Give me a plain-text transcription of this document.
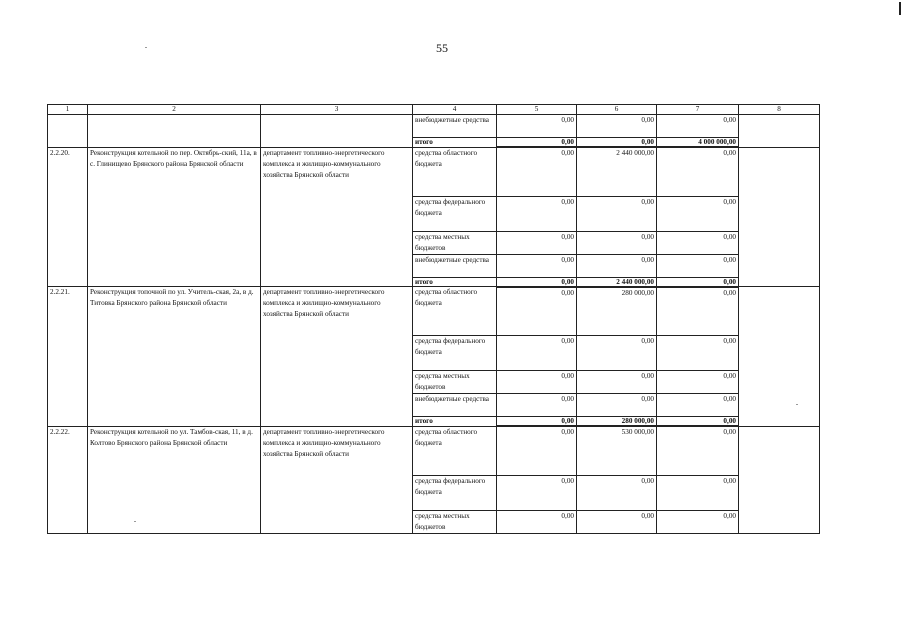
55
1	2	3	4	5	6	7	8
			внебюджетные средства	0,00	0,00	0,00	
			итого	0,00	0,00	4 000 000,00	
2.2.20.	Реконструкция котельной по пер. Октябрь-ский, 11а, в с. Глинищево Брянского района Брянской области	департамент топливно-энергетического комплекса и жилищно-коммунального хозяйства Брянской области	средства областного бюджета	0,00	2 440 000,00	0,00	
			средства федерального бюджета	0,00	0,00	0,00	
			средства местных бюджетов	0,00	0,00	0,00	
			внебюджетные средства	0,00	0,00	0,00	
			итого	0,00	2 440 000,00	0,00	
2.2.21.	Реконструкция топочной по ул. Учитель-ская, 2а, в д. Титовка Брянского района Брянской области	департамент топливно-энергетического комплекса и жилищно-коммунального хозяйства Брянской области	средства областного бюджета	0,00	280 000,00	0,00	
			средства федерального бюджета	0,00	0,00	0,00	
			средства местных бюджетов	0,00	0,00	0,00	
			внебюджетные средства	0,00	0,00	0,00	
			итого	0,00	280 000,00	0,00	
2.2.22.	Реконструкция котельной по ул. Тамбов-ская, 11, в д. Колтово Брянского района Брянской области	департамент топливно-энергетического комплекса и жилищно-коммунального хозяйства Брянской области	средства областного бюджета	0,00	530 000,00	0,00	
			средства федерального бюджета	0,00	0,00	0,00	
			средства местных бюджетов	0,00	0,00	0,00	
